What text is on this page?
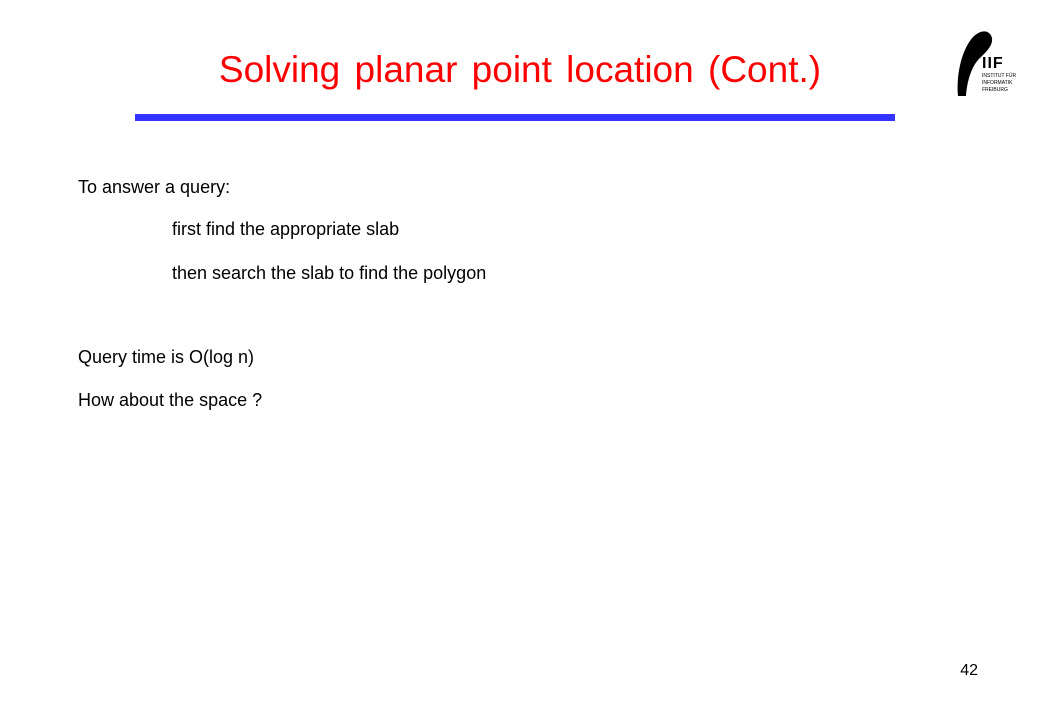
Solving planar point location (Cont.)	IIF
INSTITUT FÜR
INFORMATIK
FREIBURG
To answer a query:
first find the appropriate slab
then search the slab to find the polygon
Query time is O(log n)
How about the space ?
42
